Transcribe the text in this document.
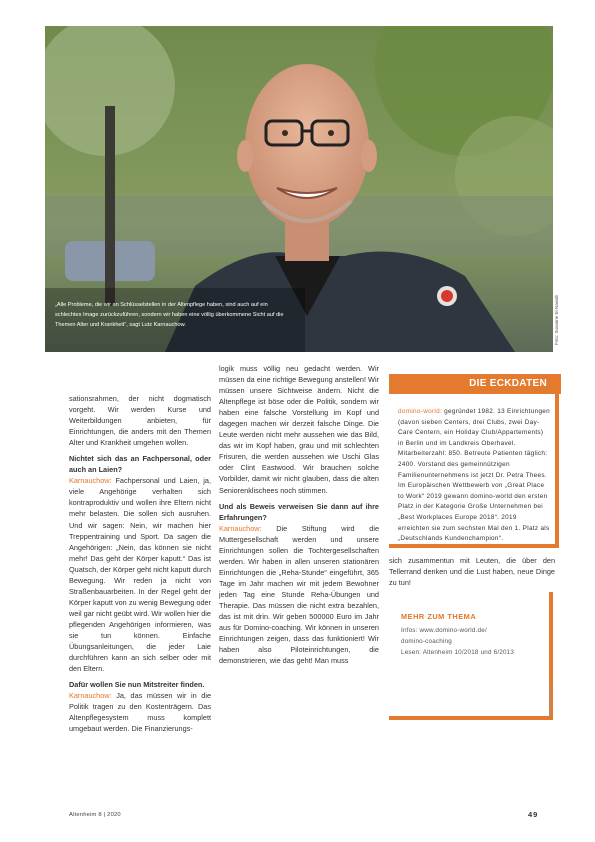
„Alle Probleme, die wir an Schlüsselstellen in der Altenpflege haben, sind auch auf ein schlechtes Image zurückzuführen, sondern wir haben eine völlig überkommene Sicht auf die Themen Alter und Krankheit“, sagt Lutz Karnauchow.	Foto: Susanne El-Nawab

sationsrahmen, der nicht dogmatisch vorgeht. Wir werden Kurse und Weiterbildungen anbieten, für Einrichtungen, die anders mit den Themen Alter und Krankheit umgehen wollen.

Nichtet sich das an Fachpersonal, oder auch an Laien?

Karnauchow: Fachpersonal und Laien, ja, viele Angehörige verhalten sich kontraproduktiv und wollen ihre Eltern nicht mehr belasten. Die sollen sich ausruhen. Und wir sagen: Nein, wir machen hier Treppentraining und Sport. Da sagen die Angehörigen: „Nein, das können sie nicht mehr! Das geht der Körper kaputt.“ Das ist Quatsch, der Körper geht nicht kaputt durch Bewegung. Wir reden ja nicht von Straßenbauarbeiten. In der Regel geht der Körper kaputt von zu wenig Bewegung oder weil gar nicht geübt wird. Wir wollen hier die pflegenden Angehörigen informieren, was sie tun können. Einfache Übungsanleitungen, die jeder Laie durchführen kann an sich selber oder mit den Eltern.

Dafür wollen Sie nun Mitstreiter finden.

Karnauchow: Ja, das müssen wir in die Politik tragen zu den Kostenträgern. Das Altenpflegesystem muss komplett umgebaut werden. Die Finanzierungs-

logik muss völlig neu gedacht werden. Wir müssen da eine richtige Bewegung anstellen! Wir müssen unsere Sichtweise ändern. Nicht die Altenpflege ist böse oder die Politik, sondern wir haben eine falsche Vorstellung im Kopf und dagegen machen wir derzeit falsche Dinge. Die Leute werden nicht mehr aussehen wie das Bild, das wir im Kopf haben, grau und mit schlechten Frisuren, die werden aussehen wie Uschi Glas oder Clint Eastwood. Wir brauchen solche Vorbilder, damit wir nicht glauben, dass die alten Seniorenklischees noch stimmen.

Und als Beweis verweisen Sie dann auf ihre Erfahrungen?

Karnauchow: Die Stiftung wird die Muttergesellschaft werden und unsere Einrichtungen sollen die Tochtergesellschaften werden. Wir haben in allen unseren stationären Einrichtungen die „Reha-Stunde“ eingeführt, 365 Tage im Jahr machen wir mit jedem Bewohner jeden Tag eine Stunde Reha-Übungen und Therapie. Das müssen die nicht extra bezahlen, das ist mit drin. Wir geben 500000 Euro im Jahr aus für Domino-coaching. Wir können in unseren Einrichtungen zeigen, dass das funktioniert! Wir haben also Piloteinrichtungen, die demonstrieren, wie das geht! Man muss

DIE ECKDATEN
domino-world: gegründet 1982. 13 Einrichtungen (davon sieben Centers, drei Clubs, zwei Day-Care Centern, ein Holiday Club/Appartements) in Berlin und im Landkreis Oberhavel. Mitarbeiterzahl: 850. Betreute Patienten täglich: 2400. Vorstand des gemeinnützigen Familienunternehmens ist jetzt Dr. Petra Thees. Im Europäischen Wettbewerb von „Great Place to Work“ 2019 gewann domino-world den ersten Platz in der Kategorie Große Unternehmen bei „Best Workplaces Europe 2018“. 2019 erreichten sie zum sechsten Mal den 1. Platz als „Deutschlands Kundenchampion“.
sich zusammentun mit Leuten, die über den Tellerrand denken und die Lust haben, neue Dinge zu tun!
MEHR ZUM THEMA
Infos: www.domino-world.de/
domino-coaching
Lesen: Altenheim 10/2018 und 6/2013
www.altenheim.net
Altenheim 8 | 2020	49
